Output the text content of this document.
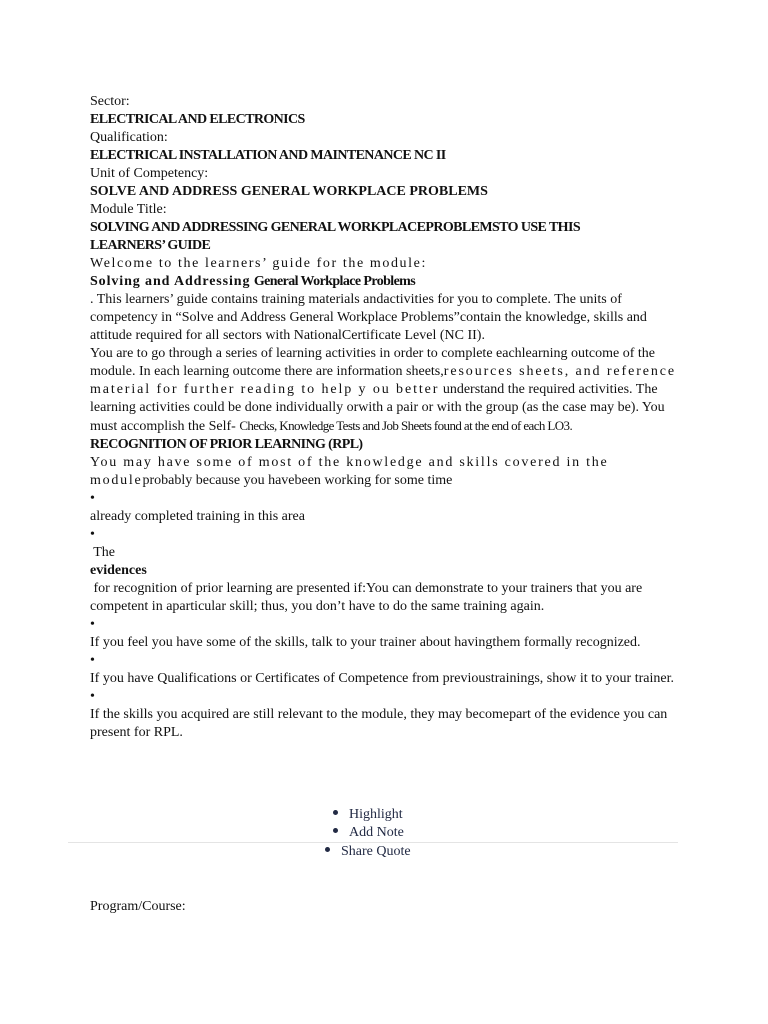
Sector:

ELECTRICAL AND ELECTRONICS

Qualification:

ELECTRICAL INSTALLATION AND MAINTENANCE NC II

Unit of Competency:

SOLVE AND ADDRESS GENERAL WORKPLACE PROBLEMS

Module Title:

SOLVING AND ADDRESSING GENERAL WORKPLACEPROBLEMSTO USE THIS
LEARNERS’ GUIDE

Welcome to the learners’ guide for the module:

Solving and Addressing General Workplace Problems

. This learners’ guide contains training materials andactivities for you to complete. The units of competency in “Solve and Address General Workplace Problems”contain the knowledge, skills and attitude required for all sectors with NationalCertificate Level (NC II).

You are to go through a series of learning activities in order to complete eachlearning outcome of the module. In each learning outcome there are information sheets,resources sheets, and reference material for further reading to help y ou better understand the required activities. The learning activities could be done individually orwith a pair or with the group (as the case may be). You must accomplish the Self- Checks, Knowledge Tests and Job Sheets found at the end of each LO3.

RECOGNITION OF PRIOR LEARNING (RPL)

You may have some of most of the knowledge and skills covered in the moduleprobably because you havebeen working for some time

•

already completed training in this area

•

The

evidences

for recognition of prior learning are presented if:You can demonstrate to your trainers that you are competent in aparticular skill; thus, you don’t have to do the same training again.

•

If you feel you have some of the skills, talk to your trainer about havingthem formally recognized.

•

If you have Qualifications or Certificates of Competence from previoustrainings, show it to your trainer.

•

If the skills you acquired are still relevant to the module, they may becomepart of the evidence you can present for RPL.

Highlight
Add Note
Share Quote

Program/Course:
